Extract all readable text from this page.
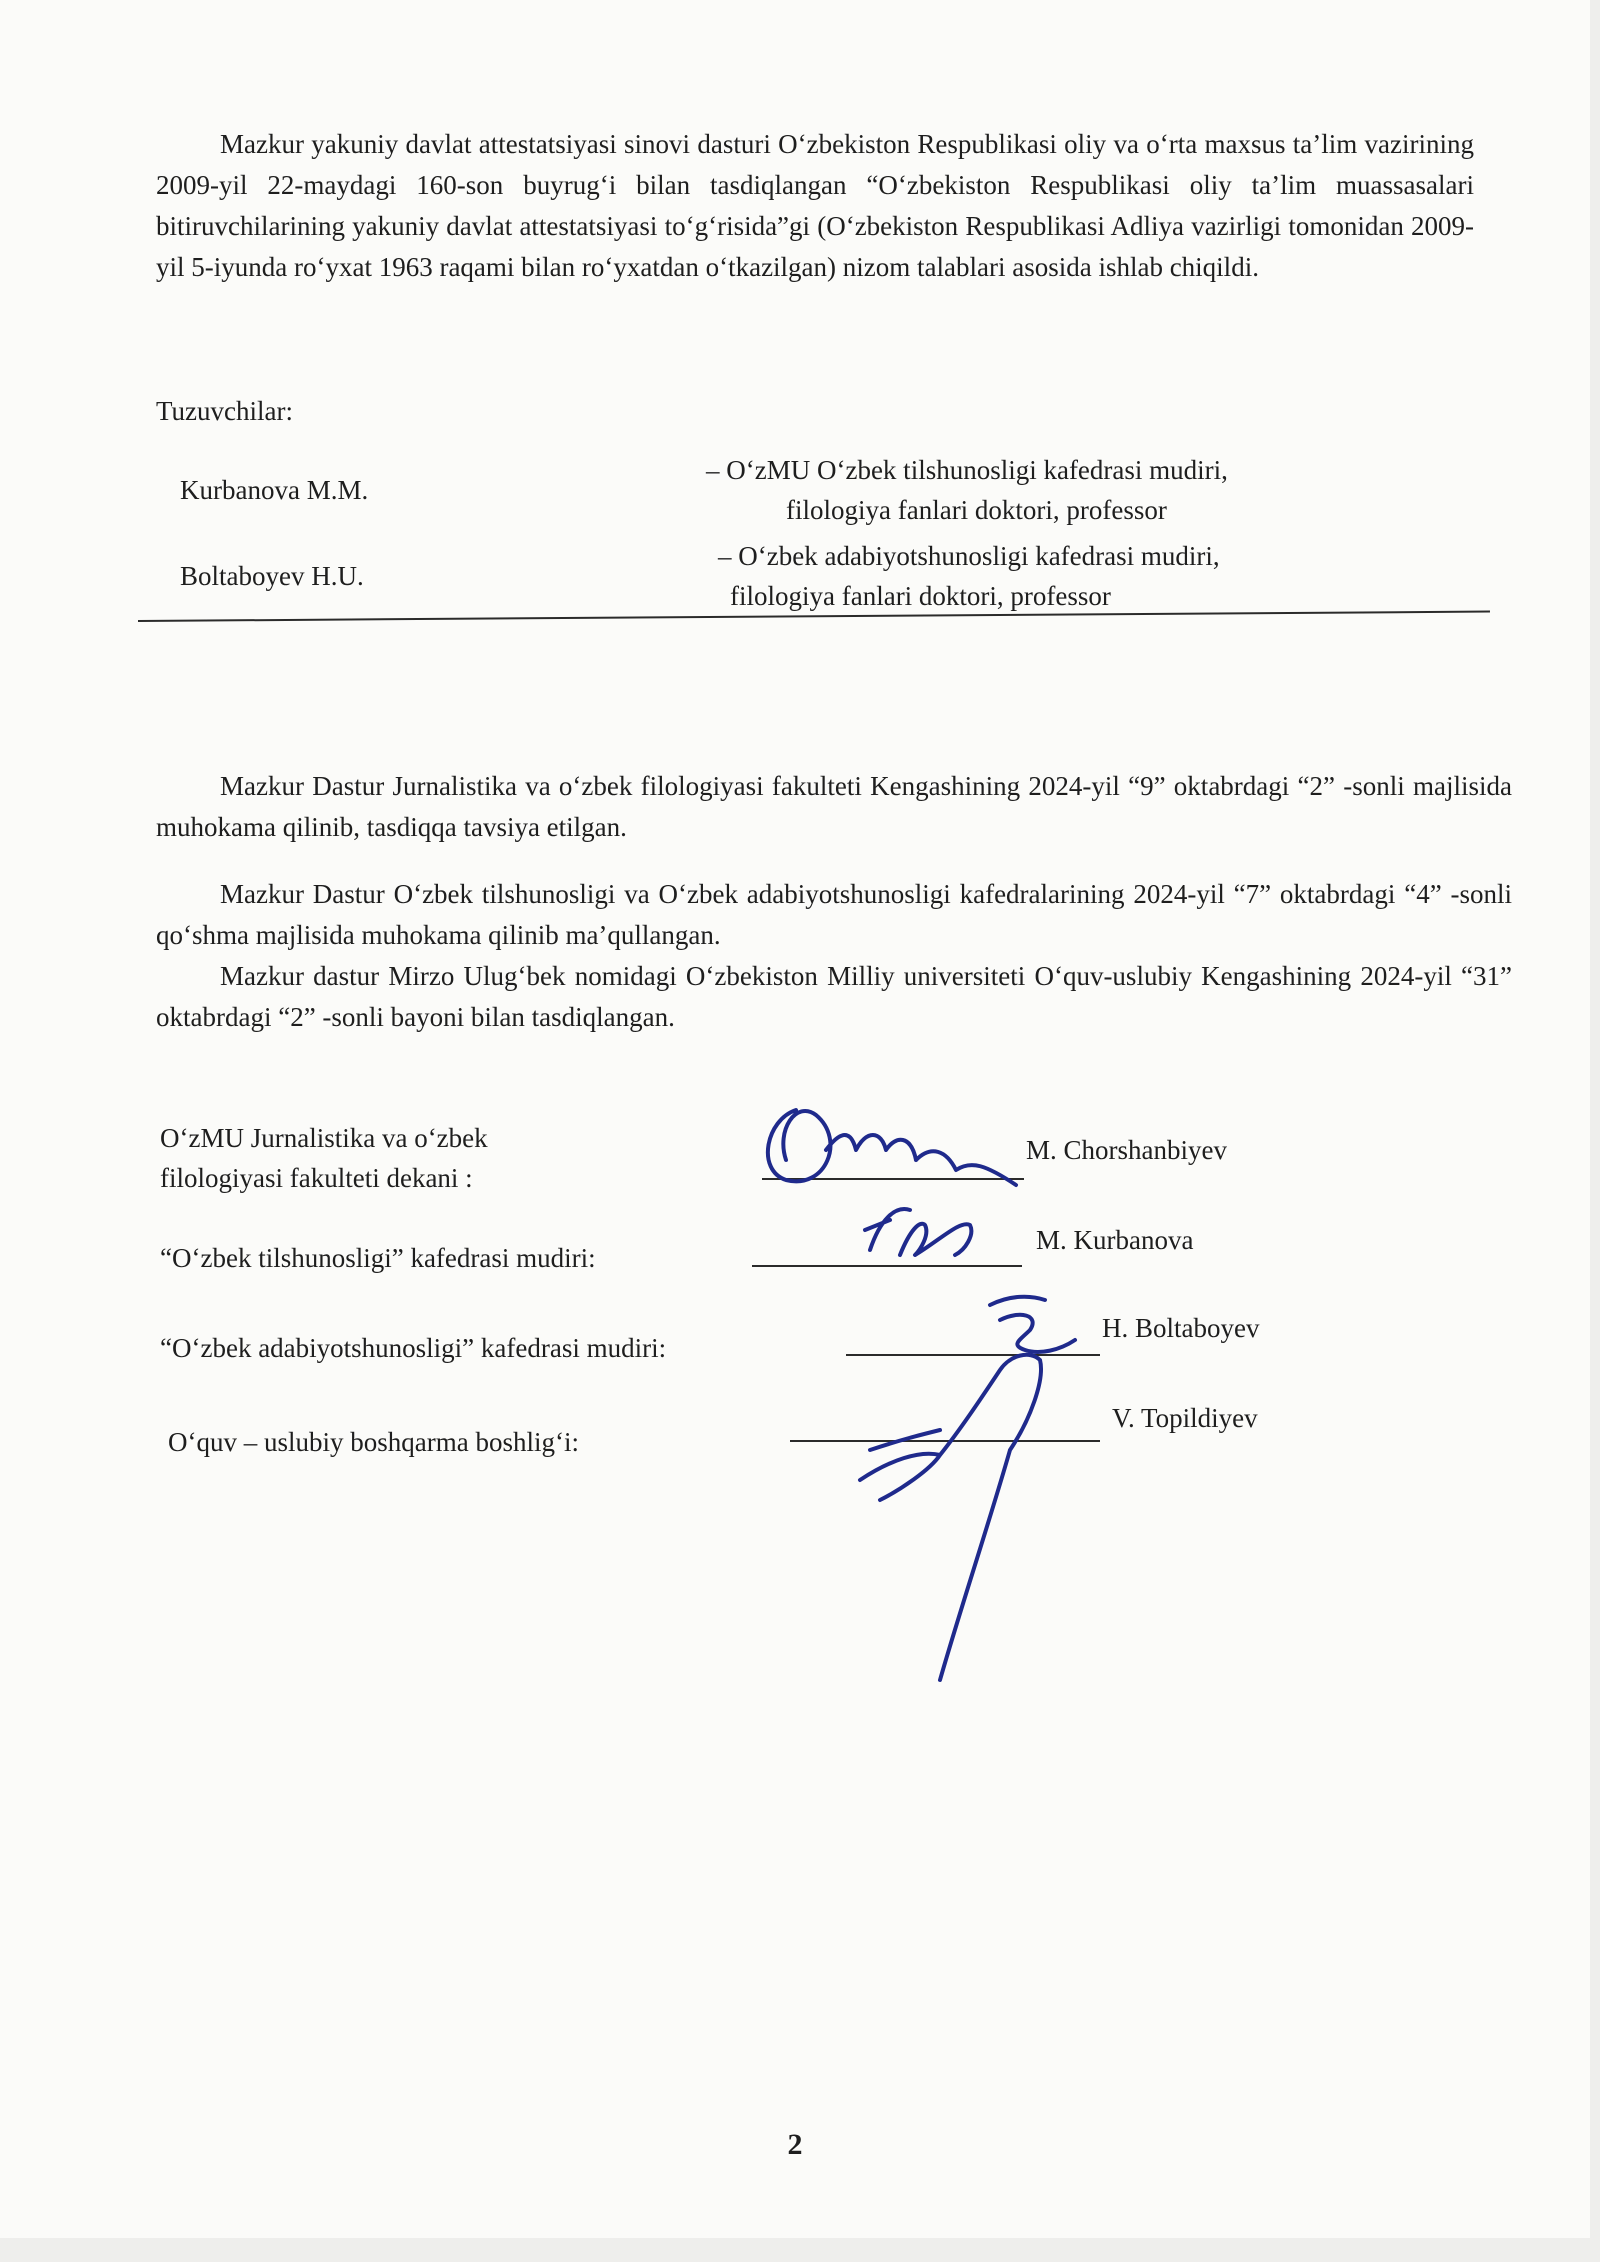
Mazkur yakuniy davlat attestatsiyasi sinovi dasturi O‘zbekiston Respublikasi oliy va o‘rta maxsus ta’lim vazirining 2009-yil 22-maydagi 160-son buyrug‘i bilan tasdiqlangan “O‘zbekiston Respublikasi oliy ta’lim muassasalari bitiruvchilarining yakuniy davlat attestatsiyasi to‘g‘risida”gi (O‘zbekiston Respublikasi Adliya vazirligi tomonidan 2009-yil 5-iyunda ro‘yxat 1963 raqami bilan ro‘yxatdan o‘tkazilgan) nizom talablari asosida ishlab chiqildi.

Tuzuvchilar:

Kurbanova M.M.

– O‘zMU O‘zbek tilshunosligi kafedrasi mudiri,

filologiya fanlari doktori, professor

Boltaboyev H.U.

– O‘zbek adabiyotshunosligi kafedrasi mudiri,

filologiya fanlari doktori, professor

Mazkur Dastur Jurnalistika va o‘zbek filologiyasi fakulteti Kengashining 2024-yil “9” oktabrdagi “2” -sonli majlisida muhokama qilinib, tasdiqqa tavsiya etilgan.

Mazkur Dastur O‘zbek tilshunosligi va O‘zbek adabiyotshunosligi kafedralarining 2024-yil “7” oktabrdagi “4” -sonli qo‘shma majlisida muhokama qilinib ma’qullangan.

Mazkur dastur Mirzo Ulug‘bek nomidagi O‘zbekiston Milliy universiteti O‘quv-uslubiy Kengashining 2024-yil “31” oktabrdagi “2” -sonli bayoni bilan tasdiqlangan.

O‘zMU Jurnalistika va o‘zbek

filologiyasi fakulteti dekani :

M. Chorshanbiyev

“O‘zbek tilshunosligi” kafedrasi mudiri:

M. Kurbanova

“O‘zbek adabiyotshunosligi” kafedrasi mudiri:

H. Boltaboyev

O‘quv – uslubiy boshqarma boshlig‘i:

V. Topildiyev

2
